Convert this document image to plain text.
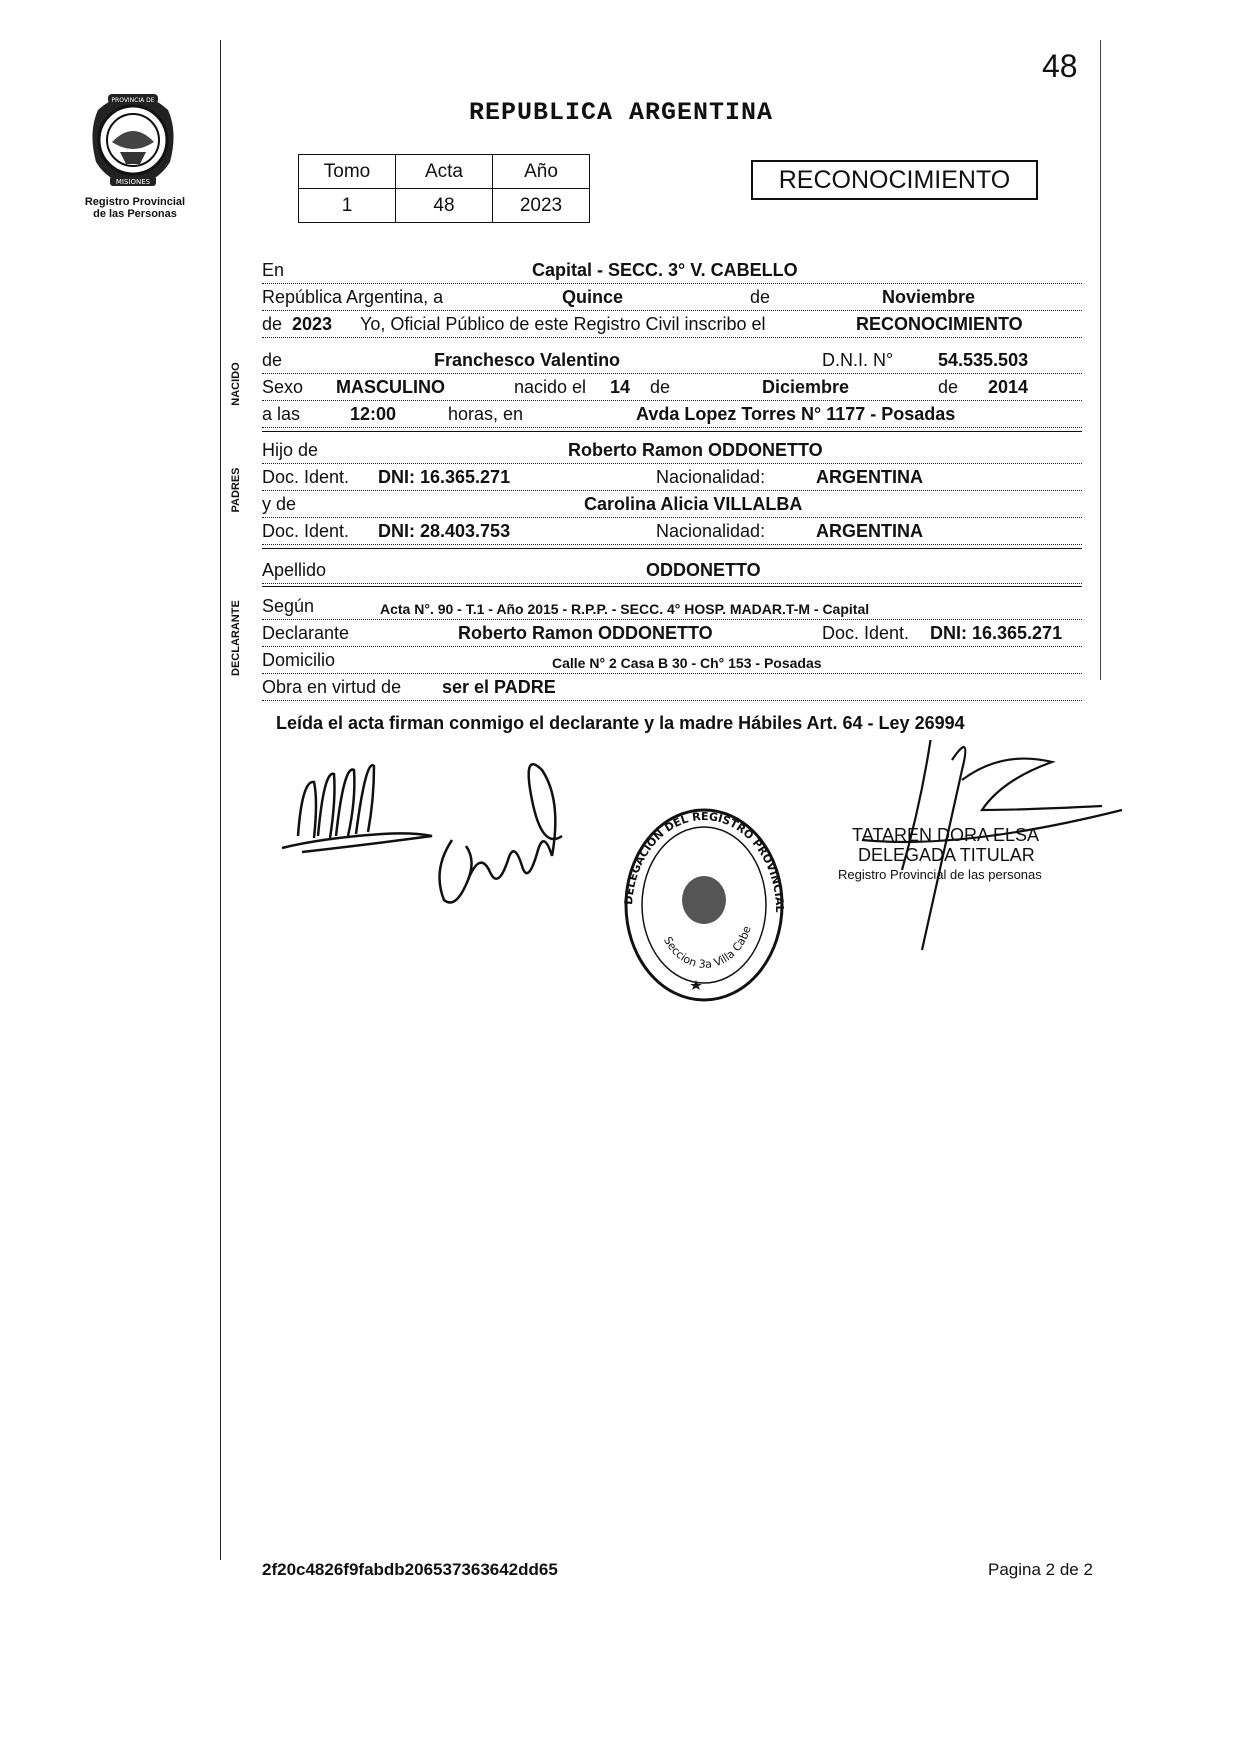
48
REPUBLICA ARGENTINA
PROVINCIA DE
MISIONES
Registro Provincial
de las Personas
Tomo	Acta	Año
1	48	2023
RECONOCIMIENTO
En	Capital - SECC. 3° V. CABELLO
República Argentina, a	Quince	de	Noviembre
de 2023 Yo, Oficial Público de este Registro Civil inscribo el	RECONOCIMIENTO
NACIDO
de	Franchesco Valentino	D.N.I. N° 54.535.503
Sexo MASCULINO	nacido el 14 de	Diciembre	de 2014
a las	12:00	horas, en	Avda Lopez Torres N° 1177 - Posadas
PADRES
Hijo de	Roberto Ramon ODDONETTO
Doc. Ident. DNI: 16.365.271	Nacionalidad:	ARGENTINA
y de	Carolina Alicia VILLALBA
Doc. Ident. DNI: 28.403.753	Nacionalidad:	ARGENTINA
Apellido	ODDONETTO
DECLARANTE Según	Acta N°. 90 - T.1 - Año 2015 - R.P.P. - SECC. 4° HOSP. MADAR.T-M - Capital
Declarante	Roberto Ramon ODDONETTO	Doc. Ident. DNI: 16.365.271
Domicilio	Calle N° 2 Casa B 30 - Ch° 153 - Posadas
Obra en virtud de ser el PADRE
Leída el acta firman conmigo el declarante y la madre Hábiles Art. 64 - Ley 26994
DELEGACION DEL REGISTRO PROVINCIAL
Seccion 3a Villa Cabe
TATAREN DORA ELSA
DELEGADA TITULAR
Registro Provincial de las personas
2f20c4826f9fabdb206537363642dd65	Pagina 2 de 2
